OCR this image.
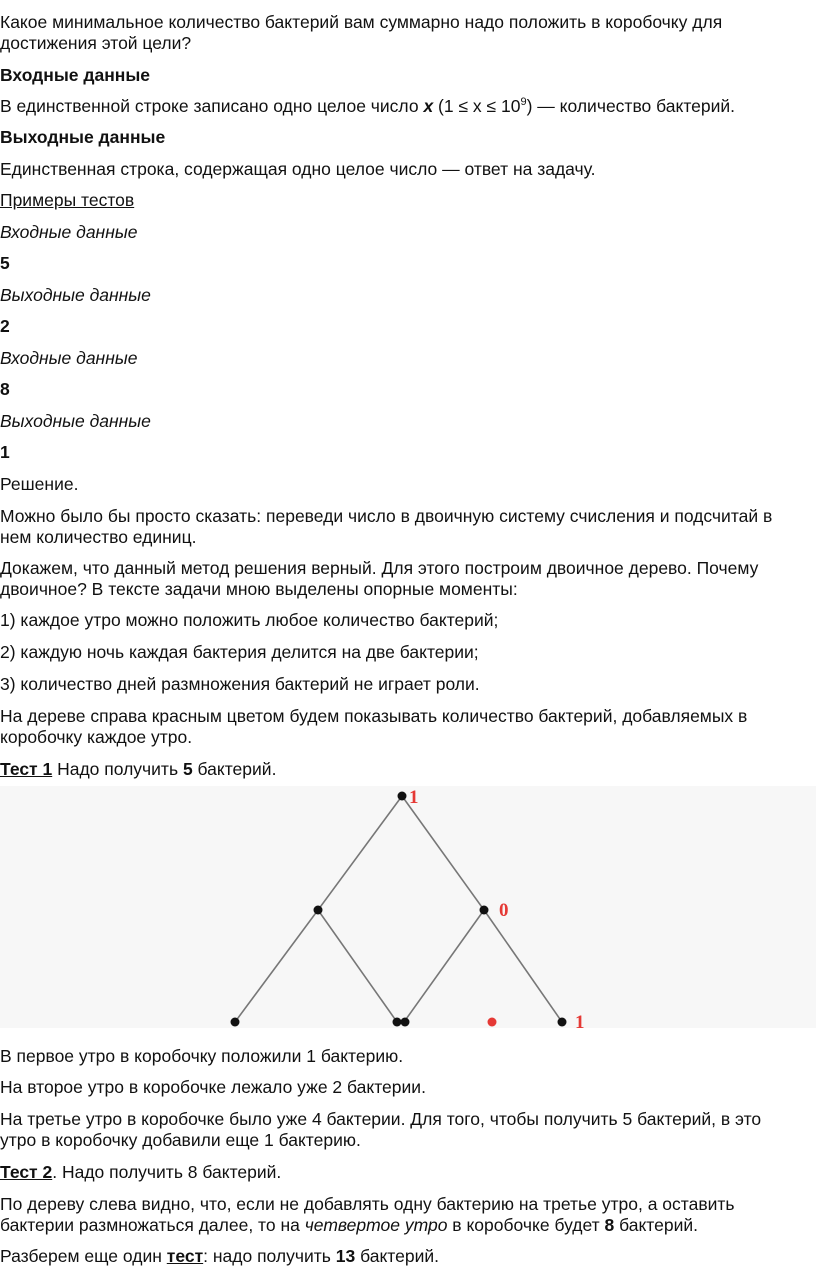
Какое минимальное количество бактерий вам суммарно надо положить в коробочку для
достижения этой цели?
Входные данные
В единственной строке записано одно целое число x $(1 \le x \le 10^9)$ — количество бактерий.
Выходные данные
Единственная строка, содержащая одно целое число — ответ на задачу.
Примеры тестов
Входные данные
5
Выходные данные
2
Входные данные
8
Выходные данные
1
Решение.
Можно было бы просто сказать: переведи число в двоичную систему счисления и подсчитай в
нем количество единиц.
Докажем, что данный метод решения верный. Для этого построим двоичное дерево. Почему
двоичное? В тексте задачи мною выделены опорные моменты:
1) каждое утро можно положить любое количество бактерий;
2) каждую ночь каждая бактерия делится на две бактерии;
3) количество дней размножения бактерий не играет роли.
На дереве справа красным цветом будем показывать количество бактерий, добавляемых в
коробочку каждое утро.
Тест 1 Надо получить 5 бактерий.
1
0
1
В первое утро в коробочку положили 1 бактерию.
На второе утро в коробочке лежало уже 2 бактерии.
На третье утро в коробочке было уже 4 бактерии. Для того, чтобы получить 5 бактерий, в это
утро в коробочку добавили еще 1 бактерию.
Тест 2. Надо получить 8 бактерий.
По дереву слева видно, что, если не добавлять одну бактерию на третье утро, а оставить
бактерии размножаться далее, то на четвертое утро в коробочке будет 8 бактерий.
Разберем еще один тест: надо получить 13 бактерий.
